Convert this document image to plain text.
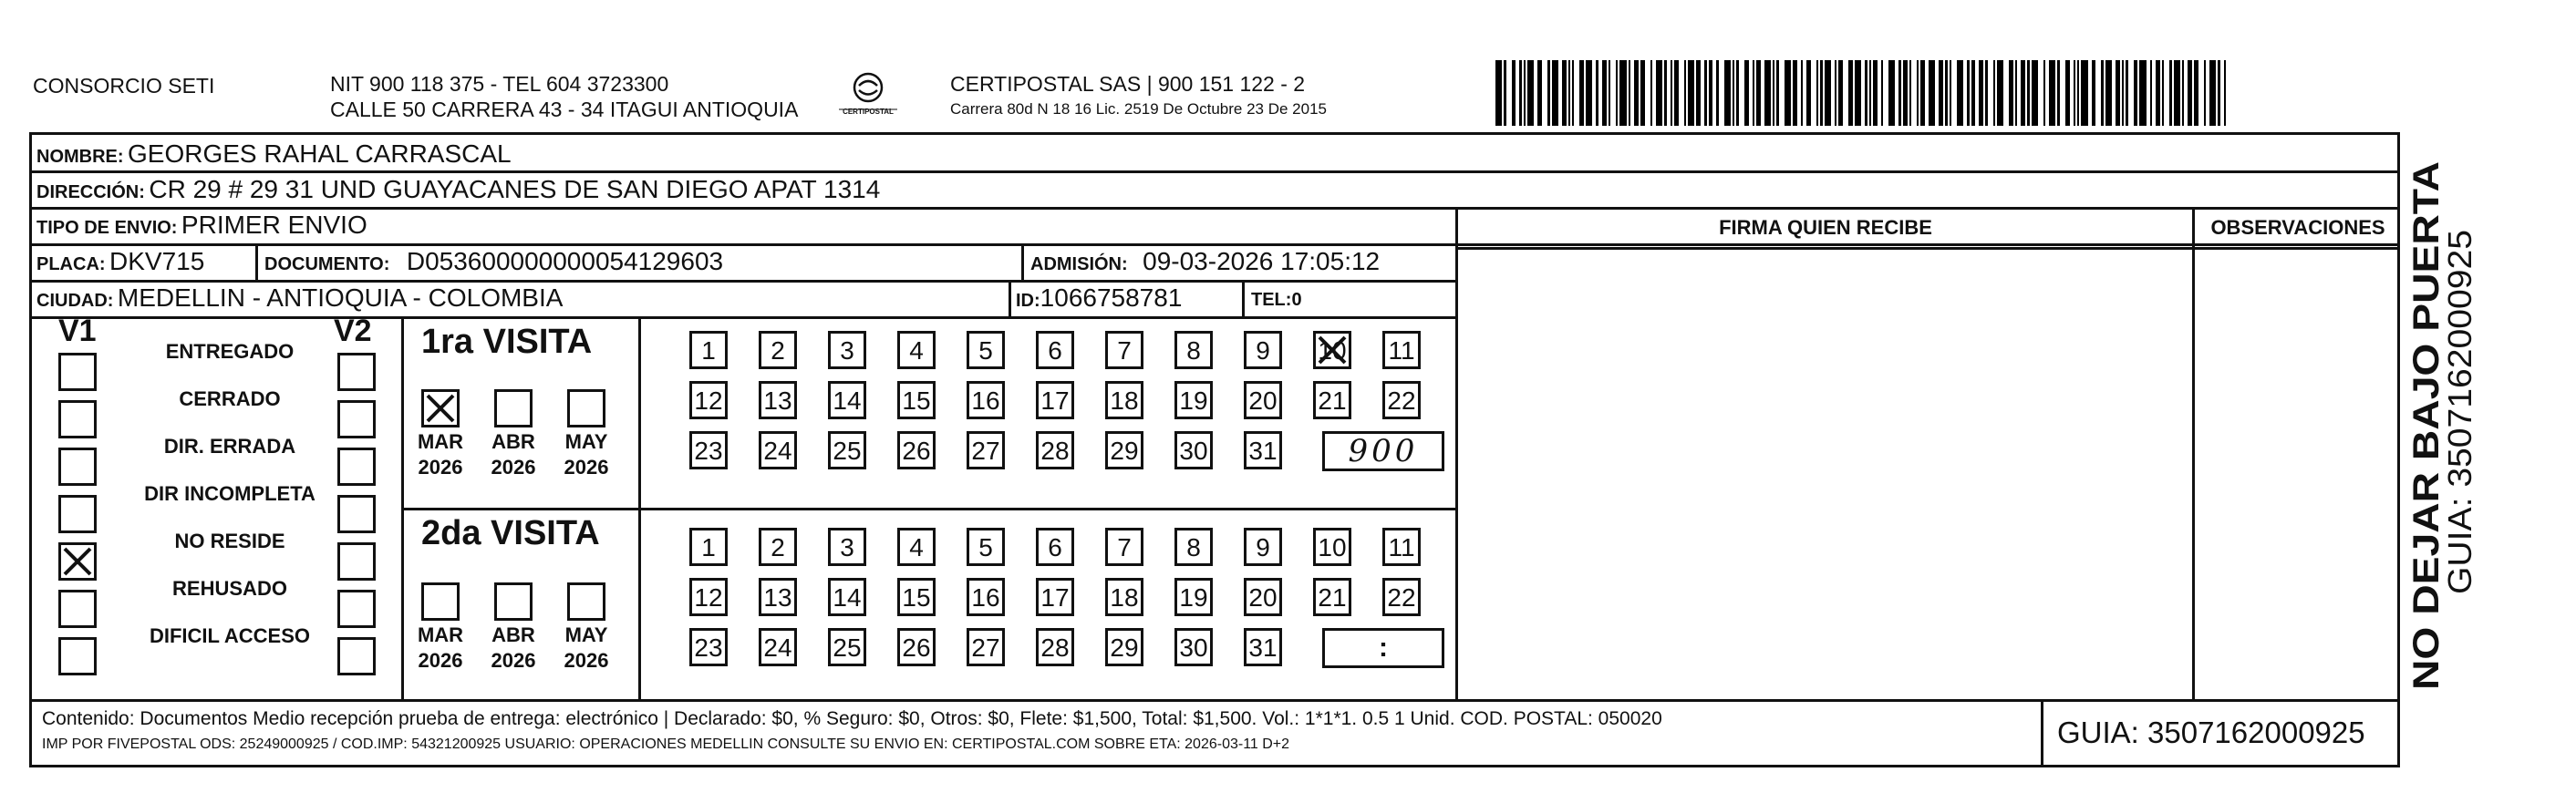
CONSORCIO SETI	NIT 900 118 375 - TEL 604 3723300
CALLE 50 CARRERA 43 - 34 ITAGUI ANTIOQUIA	CERTIPOSTAL
CERTIPOSTAL SAS | 900 151 122 - 2
Carrera 80d N 18 16 Lic. 2519 De Octubre 23 De 2015
NOMBRE: GEORGES RAHAL CARRASCAL
DIRECCIÓN: CR 29 # 29 31 UND GUAYACANES DE SAN DIEGO APAT 1314
TIPO DE ENVIO: PRIMER ENVIO
PLACA: DKV715	DOCUMENTO: D053600000000054129603	ADMISIÓN: 09-03-2026 17:05:12
CIUDAD: MEDELLIN - ANTIOQUIA - COLOMBIA	ID:1066758781	TEL:0
FIRMA QUIEN RECIBE	OBSERVACIONES
V1	V2
ENTREGADO
CERRADO
DIR. ERRADA
DIR INCOMPLETA
NO RESIDE
REHUSADO
DIFICIL ACCESO
1ra VISITA
MAR
2026
ABR
2026
MAY
2026
1	2	3	4	5	6	7	8	9	10 11
12 13 14 15 16 17 18 19 20 21 22
23 24 25 26 27 28 29 30 31	900
2da VISITA
MAR
2026
ABR
2026
MAY
2026
1	2	3	4	5	6	7	8	9	10 11
12 13 14 15 16 17 18 19 20 21 22
23 24 25 26 27 28 29 30 31	:
Contenido: Documentos Medio recepción prueba de entrega: electrónico | Declarado: $0, % Seguro: $0, Otros: $0, Flete: $1,500, Total: $1,500. Vol.: 1*1*1. 0.5 1 Unid. COD. POSTAL: 050020
IMP POR FIVEPOSTAL ODS: 25249000925 / COD.IMP: 54321200925 USUARIO: OPERACIONES MEDELLIN CONSULTE SU ENVIO EN: CERTIPOSTAL.COM SOBRE ETA: 2026-03-11 D+2	GUIA: 3507162000925
NO DEJAR BAJO PUERTA
GUIA: 3507162000925
